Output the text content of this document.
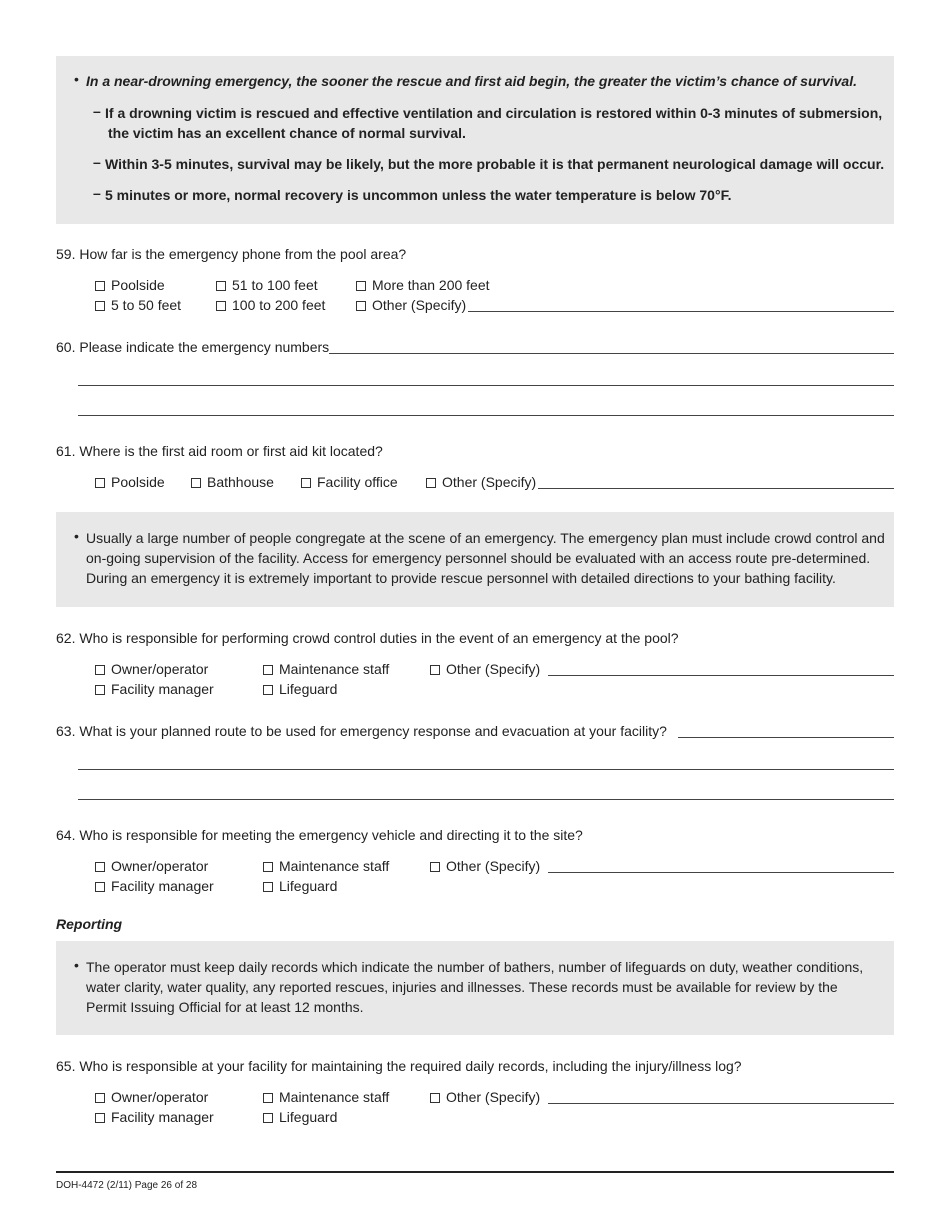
• In a near-drowning emergency, the sooner the rescue and first aid begin, the greater the victim’s chance of survival.
– If a drowning victim is rescued and effective ventilation and circulation is restored within 0-3 minutes of submersion,
the victim has an excellent chance of normal survival.
– Within 3-5 minutes, survival may be likely, but the more probable it is that permanent neurological damage will occur.
– 5 minutes or more, normal recovery is uncommon unless the water temperature is below 70°F.
59. How far is the emergency phone from the pool area?
Poolside	51 to 100 feet	More than 200 feet
5 to 50 feet	100 to 200 feet	Other (Specify)
60. Please indicate the emergency numbers
61. Where is the first aid room or first aid kit located?
Poolside	Bathhouse	Facility office	Other (Specify)
• Usually a large number of people congregate at the scene of an emergency. The emergency plan must include crowd control and
on-going supervision of the facility. Access for emergency personnel should be evaluated with an access route pre-determined.
During an emergency it is extremely important to provide rescue personnel with detailed directions to your bathing facility.
62. Who is responsible for performing crowd control duties in the event of an emergency at the pool?
Owner/operator	Maintenance staff	Other (Specify)
Facility manager	Lifeguard
63. What is your planned route to be used for emergency response and evacuation at your facility?
64. Who is responsible for meeting the emergency vehicle and directing it to the site?
Owner/operator	Maintenance staff	Other (Specify)
Facility manager	Lifeguard
Reporting
• The operator must keep daily records which indicate the number of bathers, number of lifeguards on duty, weather conditions,
water clarity, water quality, any reported rescues, injuries and illnesses. These records must be available for review by the
Permit Issuing Official for at least 12 months.
65. Who is responsible at your facility for maintaining the required daily records, including the injury/illness log?
Owner/operator	Maintenance staff	Other (Specify)
Facility manager	Lifeguard
DOH-4472 (2/11) Page 26 of 28
